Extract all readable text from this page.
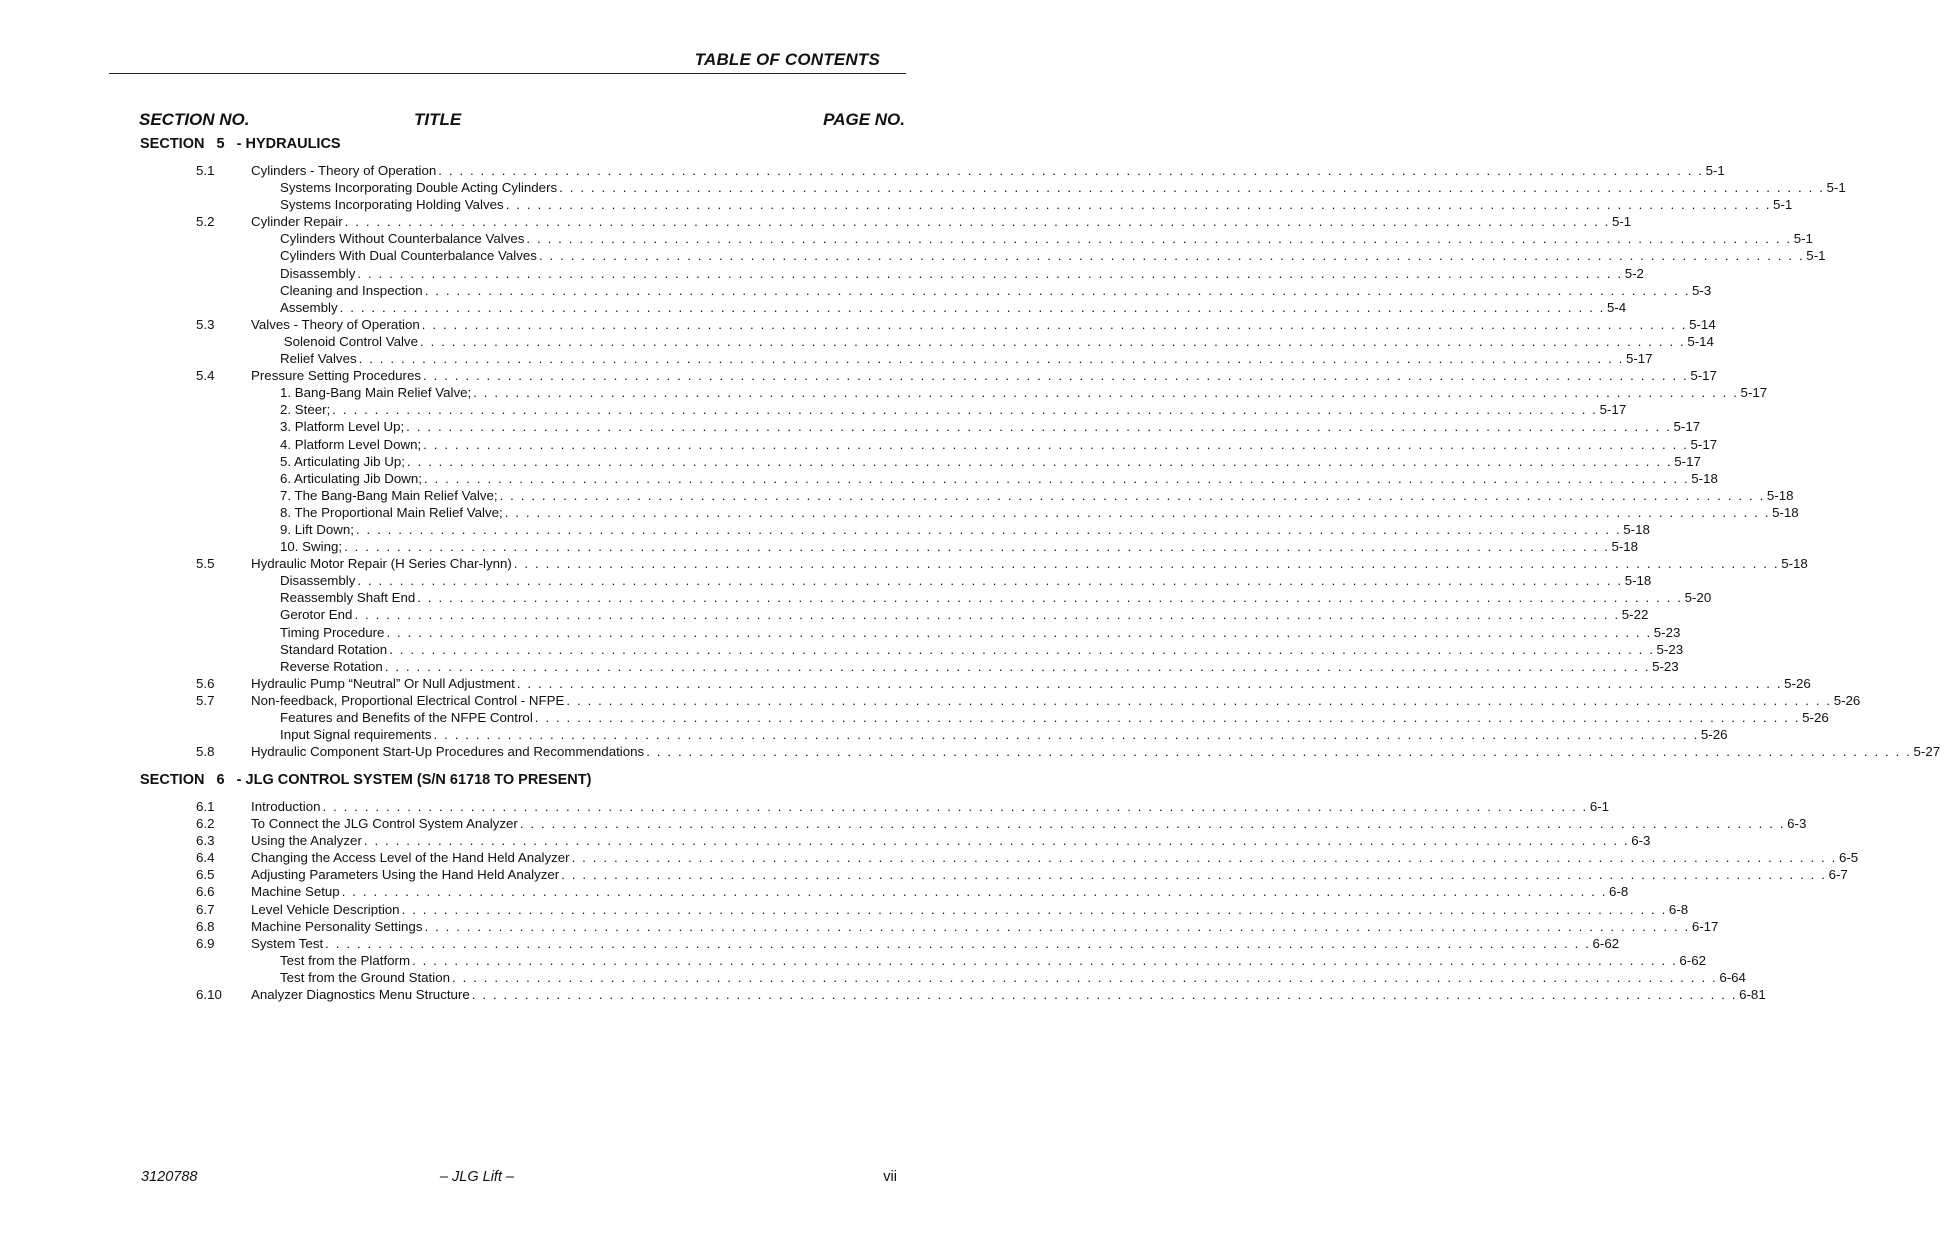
TABLE OF CONTENTS
SECTION NO.	TITLE	PAGE NO.
SECTION   5   - HYDRAULICS
5.1	Cylinders - Theory of Operation . . . . . . . . . . . . . . . . . . . . . . . . . . . . . . . . . . . . . . . . . . . . . . . . . . . . . . . . . . . . . . . . . . . . . . . . . . . . . . . . . . . . . . . . . . . . . . . . . . . . . . . . . . . . . . . . . . . . . . . . 5-1
Systems Incorporating Double Acting Cylinders . . . . . . . . . . . . . . . . . . . . . . . . . . . . . . . . . . . . . . . . . . . . . . . . . . . . . . . . . . . . . . . . . . . . . . . . . . . . . . . . . . . . . . . . . . . . . . . . . . . . . . . . . . . . . . . . . . . . . . . . 5-1
Systems Incorporating Holding Valves . . . . . . . . . . . . . . . . . . . . . . . . . . . . . . . . . . . . . . . . . . . . . . . . . . . . . . . . . . . . . . . . . . . . . . . . . . . . . . . . . . . . . . . . . . . . . . . . . . . . . . . . . . . . . . . . . . . . . . . . 5-1
5.2	Cylinder Repair . . . . . . . . . . . . . . . . . . . . . . . . . . . . . . . . . . . . . . . . . . . . . . . . . . . . . . . . . . . . . . . . . . . . . . . . . . . . . . . . . . . . . . . . . . . . . . . . . . . . . . . . . . . . . . . . . . . . . . . . 5-1
Cylinders Without Counterbalance Valves . . . . . . . . . . . . . . . . . . . . . . . . . . . . . . . . . . . . . . . . . . . . . . . . . . . . . . . . . . . . . . . . . . . . . . . . . . . . . . . . . . . . . . . . . . . . . . . . . . . . . . . . . . . . . . . . . . . . . . . . 5-1
Cylinders With Dual Counterbalance Valves . . . . . . . . . . . . . . . . . . . . . . . . . . . . . . . . . . . . . . . . . . . . . . . . . . . . . . . . . . . . . . . . . . . . . . . . . . . . . . . . . . . . . . . . . . . . . . . . . . . . . . . . . . . . . . . . . . . . . . . . 5-1
Disassembly . . . . . . . . . . . . . . . . . . . . . . . . . . . . . . . . . . . . . . . . . . . . . . . . . . . . . . . . . . . . . . . . . . . . . . . . . . . . . . . . . . . . . . . . . . . . . . . . . . . . . . . . . . . . . . . . . . . . . . . . 5-2
Cleaning and Inspection . . . . . . . . . . . . . . . . . . . . . . . . . . . . . . . . . . . . . . . . . . . . . . . . . . . . . . . . . . . . . . . . . . . . . . . . . . . . . . . . . . . . . . . . . . . . . . . . . . . . . . . . . . . . . . . . . . . . . . . . 5-3
Assembly . . . . . . . . . . . . . . . . . . . . . . . . . . . . . . . . . . . . . . . . . . . . . . . . . . . . . . . . . . . . . . . . . . . . . . . . . . . . . . . . . . . . . . . . . . . . . . . . . . . . . . . . . . . . . . . . . . . . . . . . 5-4
5.3	Valves - Theory of Operation . . . . . . . . . . . . . . . . . . . . . . . . . . . . . . . . . . . . . . . . . . . . . . . . . . . . . . . . . . . . . . . . . . . . . . . . . . . . . . . . . . . . . . . . . . . . . . . . . . . . . . . . . . . . . . . . . . . . . . . . 5-14
Solenoid Control Valve . . . . . . . . . . . . . . . . . . . . . . . . . . . . . . . . . . . . . . . . . . . . . . . . . . . . . . . . . . . . . . . . . . . . . . . . . . . . . . . . . . . . . . . . . . . . . . . . . . . . . . . . . . . . . . . . . . . . . . . . 5-14
Relief Valves . . . . . . . . . . . . . . . . . . . . . . . . . . . . . . . . . . . . . . . . . . . . . . . . . . . . . . . . . . . . . . . . . . . . . . . . . . . . . . . . . . . . . . . . . . . . . . . . . . . . . . . . . . . . . . . . . . . . . . . . 5-17
5.4	Pressure Setting Procedures . . . . . . . . . . . . . . . . . . . . . . . . . . . . . . . . . . . . . . . . . . . . . . . . . . . . . . . . . . . . . . . . . . . . . . . . . . . . . . . . . . . . . . . . . . . . . . . . . . . . . . . . . . . . . . . . . . . . . . . . 5-17
1. Bang-Bang Main Relief Valve; . . . . . . . . . . . . . . . . . . . . . . . . . . . . . . . . . . . . . . . . . . . . . . . . . . . . . . . . . . . . . . . . . . . . . . . . . . . . . . . . . . . . . . . . . . . . . . . . . . . . . . . . . . . . . . . . . . . . . . . . 5-17
2. Steer; . . . . . . . . . . . . . . . . . . . . . . . . . . . . . . . . . . . . . . . . . . . . . . . . . . . . . . . . . . . . . . . . . . . . . . . . . . . . . . . . . . . . . . . . . . . . . . . . . . . . . . . . . . . . . . . . . . . . . . . . 5-17
3. Platform Level Up; . . . . . . . . . . . . . . . . . . . . . . . . . . . . . . . . . . . . . . . . . . . . . . . . . . . . . . . . . . . . . . . . . . . . . . . . . . . . . . . . . . . . . . . . . . . . . . . . . . . . . . . . . . . . . . . . . . . . . . . . 5-17
4. Platform Level Down; . . . . . . . . . . . . . . . . . . . . . . . . . . . . . . . . . . . . . . . . . . . . . . . . . . . . . . . . . . . . . . . . . . . . . . . . . . . . . . . . . . . . . . . . . . . . . . . . . . . . . . . . . . . . . . . . . . . . . . . . 5-17
5. Articulating Jib Up; . . . . . . . . . . . . . . . . . . . . . . . . . . . . . . . . . . . . . . . . . . . . . . . . . . . . . . . . . . . . . . . . . . . . . . . . . . . . . . . . . . . . . . . . . . . . . . . . . . . . . . . . . . . . . . . . . . . . . . . . 5-17
6. Articulating Jib Down; . . . . . . . . . . . . . . . . . . . . . . . . . . . . . . . . . . . . . . . . . . . . . . . . . . . . . . . . . . . . . . . . . . . . . . . . . . . . . . . . . . . . . . . . . . . . . . . . . . . . . . . . . . . . . . . . . . . . . . . . 5-18
7. The Bang-Bang Main Relief Valve; . . . . . . . . . . . . . . . . . . . . . . . . . . . . . . . . . . . . . . . . . . . . . . . . . . . . . . . . . . . . . . . . . . . . . . . . . . . . . . . . . . . . . . . . . . . . . . . . . . . . . . . . . . . . . . . . . . . . . . . . 5-18
8. The Proportional Main Relief Valve; . . . . . . . . . . . . . . . . . . . . . . . . . . . . . . . . . . . . . . . . . . . . . . . . . . . . . . . . . . . . . . . . . . . . . . . . . . . . . . . . . . . . . . . . . . . . . . . . . . . . . . . . . . . . . . . . . . . . . . . . 5-18
9. Lift Down; . . . . . . . . . . . . . . . . . . . . . . . . . . . . . . . . . . . . . . . . . . . . . . . . . . . . . . . . . . . . . . . . . . . . . . . . . . . . . . . . . . . . . . . . . . . . . . . . . . . . . . . . . . . . . . . . . . . . . . . . 5-18
10. Swing; . . . . . . . . . . . . . . . . . . . . . . . . . . . . . . . . . . . . . . . . . . . . . . . . . . . . . . . . . . . . . . . . . . . . . . . . . . . . . . . . . . . . . . . . . . . . . . . . . . . . . . . . . . . . . . . . . . . . . . . . 5-18
5.5	Hydraulic Motor Repair (H Series Char-lynn) . . . . . . . . . . . . . . . . . . . . . . . . . . . . . . . . . . . . . . . . . . . . . . . . . . . . . . . . . . . . . . . . . . . . . . . . . . . . . . . . . . . . . . . . . . . . . . . . . . . . . . . . . . . . . . . . . . . . . . . . 5-18
Disassembly . . . . . . . . . . . . . . . . . . . . . . . . . . . . . . . . . . . . . . . . . . . . . . . . . . . . . . . . . . . . . . . . . . . . . . . . . . . . . . . . . . . . . . . . . . . . . . . . . . . . . . . . . . . . . . . . . . . . . . . . 5-18
Reassembly Shaft End . . . . . . . . . . . . . . . . . . . . . . . . . . . . . . . . . . . . . . . . . . . . . . . . . . . . . . . . . . . . . . . . . . . . . . . . . . . . . . . . . . . . . . . . . . . . . . . . . . . . . . . . . . . . . . . . . . . . . . . . 5-20
Gerotor End . . . . . . . . . . . . . . . . . . . . . . . . . . . . . . . . . . . . . . . . . . . . . . . . . . . . . . . . . . . . . . . . . . . . . . . . . . . . . . . . . . . . . . . . . . . . . . . . . . . . . . . . . . . . . . . . . . . . . . . . 5-22
Timing Procedure . . . . . . . . . . . . . . . . . . . . . . . . . . . . . . . . . . . . . . . . . . . . . . . . . . . . . . . . . . . . . . . . . . . . . . . . . . . . . . . . . . . . . . . . . . . . . . . . . . . . . . . . . . . . . . . . . . . . . . . . 5-23
Standard Rotation . . . . . . . . . . . . . . . . . . . . . . . . . . . . . . . . . . . . . . . . . . . . . . . . . . . . . . . . . . . . . . . . . . . . . . . . . . . . . . . . . . . . . . . . . . . . . . . . . . . . . . . . . . . . . . . . . . . . . . . . 5-23
Reverse Rotation . . . . . . . . . . . . . . . . . . . . . . . . . . . . . . . . . . . . . . . . . . . . . . . . . . . . . . . . . . . . . . . . . . . . . . . . . . . . . . . . . . . . . . . . . . . . . . . . . . . . . . . . . . . . . . . . . . . . . . . . 5-23
5.6	Hydraulic Pump “Neutral” Or Null Adjustment . . . . . . . . . . . . . . . . . . . . . . . . . . . . . . . . . . . . . . . . . . . . . . . . . . . . . . . . . . . . . . . . . . . . . . . . . . . . . . . . . . . . . . . . . . . . . . . . . . . . . . . . . . . . . . . . . . . . . . . . 5-26
5.7	Non-feedback, Proportional Electrical Control - NFPE . . . . . . . . . . . . . . . . . . . . . . . . . . . . . . . . . . . . . . . . . . . . . . . . . . . . . . . . . . . . . . . . . . . . . . . . . . . . . . . . . . . . . . . . . . . . . . . . . . . . . . . . . . . . . . . . . . . . . . . . 5-26
Features and Benefits of the NFPE Control . . . . . . . . . . . . . . . . . . . . . . . . . . . . . . . . . . . . . . . . . . . . . . . . . . . . . . . . . . . . . . . . . . . . . . . . . . . . . . . . . . . . . . . . . . . . . . . . . . . . . . . . . . . . . . . . . . . . . . . . 5-26
Input Signal requirements . . . . . . . . . . . . . . . . . . . . . . . . . . . . . . . . . . . . . . . . . . . . . . . . . . . . . . . . . . . . . . . . . . . . . . . . . . . . . . . . . . . . . . . . . . . . . . . . . . . . . . . . . . . . . . . . . . . . . . . . 5-26
5.8	Hydraulic Component Start-Up Procedures and Recommendations . . . . . . . . . . . . . . . . . . . . . . . . . . . . . . . . . . . . . . . . . . . . . . . . . . . . . . . . . . . . . . . . . . . . . . . . . . . . . . . . . . . . . . . . . . . . . . . . . . . . . . . . . . . . . . . . . . . . . . . . 5-27
SECTION   6   - JLG CONTROL SYSTEM (S/N 61718 TO PRESENT)
6.1	Introduction . . . . . . . . . . . . . . . . . . . . . . . . . . . . . . . . . . . . . . . . . . . . . . . . . . . . . . . . . . . . . . . . . . . . . . . . . . . . . . . . . . . . . . . . . . . . . . . . . . . . . . . . . . . . . . . . . . . . . . . . 6-1
6.2	To Connect the JLG Control System Analyzer . . . . . . . . . . . . . . . . . . . . . . . . . . . . . . . . . . . . . . . . . . . . . . . . . . . . . . . . . . . . . . . . . . . . . . . . . . . . . . . . . . . . . . . . . . . . . . . . . . . . . . . . . . . . . . . . . . . . . . . . 6-3
6.3	Using the Analyzer . . . . . . . . . . . . . . . . . . . . . . . . . . . . . . . . . . . . . . . . . . . . . . . . . . . . . . . . . . . . . . . . . . . . . . . . . . . . . . . . . . . . . . . . . . . . . . . . . . . . . . . . . . . . . . . . . . . . . . . . 6-3
6.4	Changing the Access Level of the Hand Held Analyzer . . . . . . . . . . . . . . . . . . . . . . . . . . . . . . . . . . . . . . . . . . . . . . . . . . . . . . . . . . . . . . . . . . . . . . . . . . . . . . . . . . . . . . . . . . . . . . . . . . . . . . . . . . . . . . . . . . . . . . . . 6-5
6.5	Adjusting Parameters Using the Hand Held Analyzer . . . . . . . . . . . . . . . . . . . . . . . . . . . . . . . . . . . . . . . . . . . . . . . . . . . . . . . . . . . . . . . . . . . . . . . . . . . . . . . . . . . . . . . . . . . . . . . . . . . . . . . . . . . . . . . . . . . . . . . . 6-7
6.6	Machine Setup . . . . . . . . . . . . . . . . . . . . . . . . . . . . . . . . . . . . . . . . . . . . . . . . . . . . . . . . . . . . . . . . . . . . . . . . . . . . . . . . . . . . . . . . . . . . . . . . . . . . . . . . . . . . . . . . . . . . . . . . 6-8
6.7	Level Vehicle Description . . . . . . . . . . . . . . . . . . . . . . . . . . . . . . . . . . . . . . . . . . . . . . . . . . . . . . . . . . . . . . . . . . . . . . . . . . . . . . . . . . . . . . . . . . . . . . . . . . . . . . . . . . . . . . . . . . . . . . . . 6-8
6.8	Machine Personality Settings . . . . . . . . . . . . . . . . . . . . . . . . . . . . . . . . . . . . . . . . . . . . . . . . . . . . . . . . . . . . . . . . . . . . . . . . . . . . . . . . . . . . . . . . . . . . . . . . . . . . . . . . . . . . . . . . . . . . . . . . 6-17
6.9	System Test . . . . . . . . . . . . . . . . . . . . . . . . . . . . . . . . . . . . . . . . . . . . . . . . . . . . . . . . . . . . . . . . . . . . . . . . . . . . . . . . . . . . . . . . . . . . . . . . . . . . . . . . . . . . . . . . . . . . . . . . 6-62
Test from the Platform . . . . . . . . . . . . . . . . . . . . . . . . . . . . . . . . . . . . . . . . . . . . . . . . . . . . . . . . . . . . . . . . . . . . . . . . . . . . . . . . . . . . . . . . . . . . . . . . . . . . . . . . . . . . . . . . . . . . . . . . 6-62
Test from the Ground Station . . . . . . . . . . . . . . . . . . . . . . . . . . . . . . . . . . . . . . . . . . . . . . . . . . . . . . . . . . . . . . . . . . . . . . . . . . . . . . . . . . . . . . . . . . . . . . . . . . . . . . . . . . . . . . . . . . . . . . . . 6-64
6.10 Analyzer Diagnostics Menu Structure . . . . . . . . . . . . . . . . . . . . . . . . . . . . . . . . . . . . . . . . . . . . . . . . . . . . . . . . . . . . . . . . . . . . . . . . . . . . . . . . . . . . . . . . . . . . . . . . . . . . . . . . . . . . . . . . . . . . . . . . 6-81
3120788	– JLG Lift –	vii
